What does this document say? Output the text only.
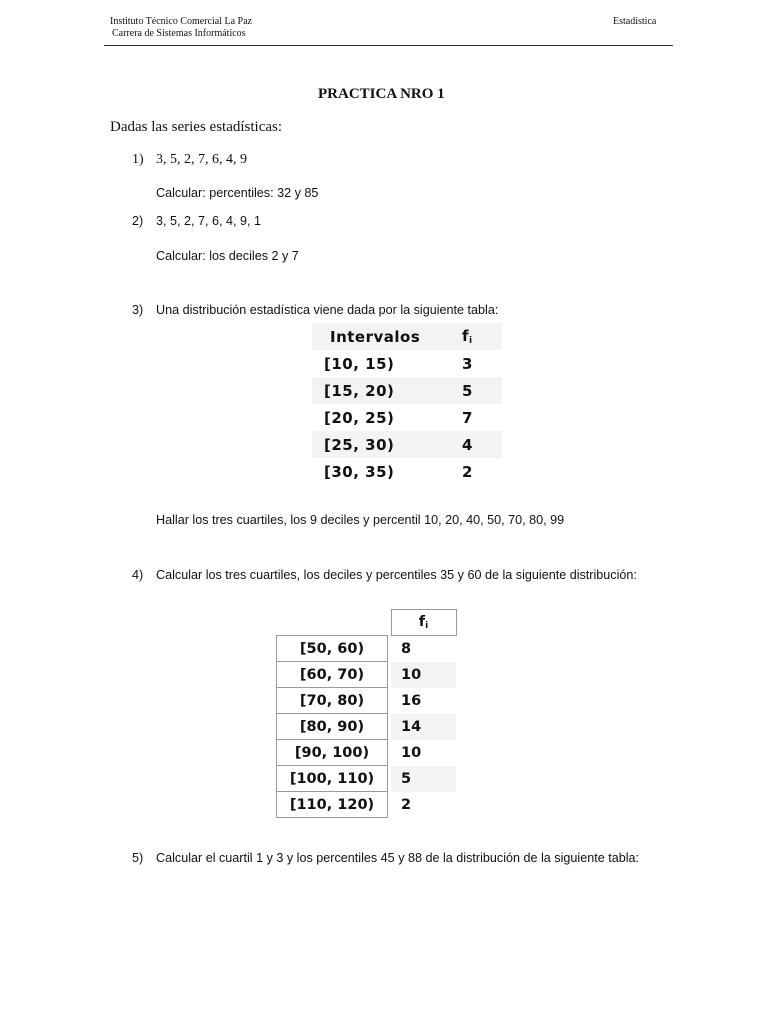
Instituto Técnico Comercial La Paz
Carrera de Sistemas Informáticos
Estadística
PRACTICA NRO 1
Dadas las series estadísticas:
1) 3, 5, 2, 7, 6, 4, 9
Calcular: percentiles: 32 y 85
2) 3, 5, 2, 7, 6, 4, 9, 1
Calcular: los deciles 2 y 7
3) Una distribución estadística viene dada por la siguiente tabla:
Intervalos	$f_i$
[10, 15)	3
[15, 20)	5
[20, 25)	7
[25, 30)	4
[30, 35)	2
Hallar los tres cuartiles, los 9 deciles y percentil 10, 20, 40, 50, 70, 80, 99
4) Calcular los tres cuartiles, los deciles y percentiles 35 y 60 de la siguiente distribución:
		$f_i$
[50, 60)		8
[60, 70)		10
[70, 80)		16
[80, 90)		14
[90, 100)		10
[100, 110)		5
[110, 120)		2
5) Calcular el cuartil 1 y 3 y los percentiles 45 y 88 de la distribución de la siguiente tabla:
